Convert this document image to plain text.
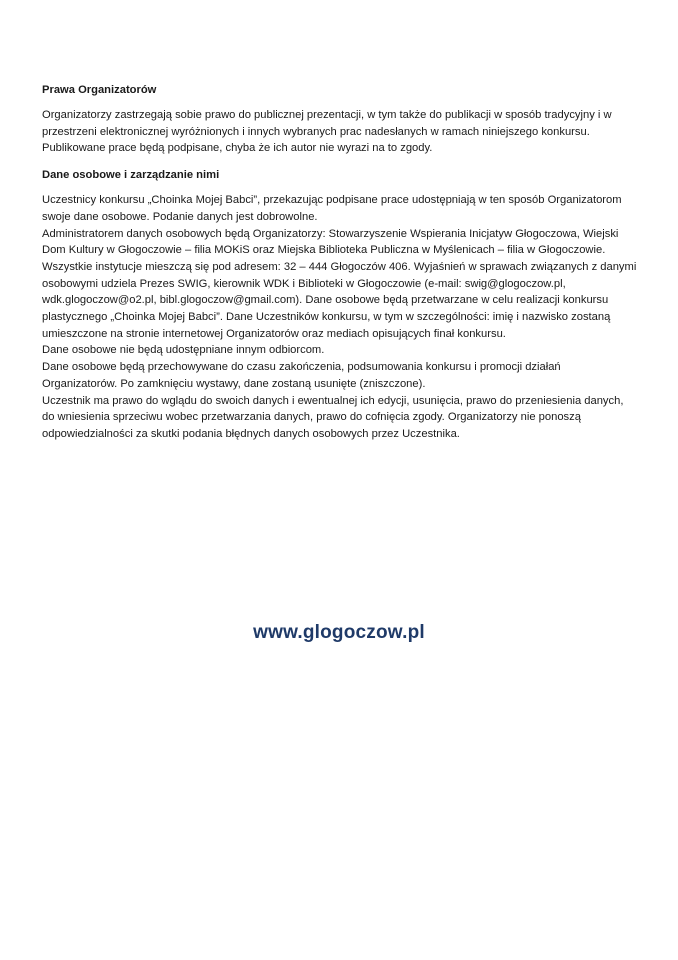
Prawa Organizatorów

Organizatorzy zastrzegają sobie prawo do publicznej prezentacji, w tym także do publikacji w sposób tradycyjny i w przestrzeni elektronicznej wyróżnionych i innych wybranych prac nadesłanych w ramach niniejszego konkursu. Publikowane prace będą podpisane, chyba że ich autor nie wyrazi na to zgody.

Dane osobowe i zarządzanie nimi

Uczestnicy konkursu „Choinka Mojej Babci”, przekazując podpisane prace udostępniają w ten sposób Organizatorom swoje dane osobowe. Podanie danych jest dobrowolne.

Administratorem danych osobowych będą Organizatorzy: Stowarzyszenie Wspierania Inicjatyw Głogoczowa, Wiejski Dom Kultury w Głogoczowie – filia MOKiS oraz Miejska Biblioteka Publiczna w Myślenicach – filia w Głogoczowie. Wszystkie instytucje mieszczą się pod adresem: 32 – 444 Głogoczów 406. Wyjaśnień w sprawach związanych z danymi osobowymi udziela Prezes SWIG, kierownik WDK i Biblioteki w Głogoczowie (e-mail: swig@glogoczow.pl, wdk.glogoczow@o2.pl, bibl.glogoczow@gmail.com). Dane osobowe będą przetwarzane w celu realizacji konkursu plastycznego „Choinka Mojej Babci”. Dane Uczestników konkursu, w tym w szczególności: imię i nazwisko zostaną umieszczone na stronie internetowej Organizatorów oraz mediach opisujących finał konkursu.

Dane osobowe nie będą udostępniane innym odbiorcom.

Dane osobowe będą przechowywane do czasu zakończenia, podsumowania konkursu i promocji działań Organizatorów. Po zamknięciu wystawy, dane zostaną usunięte (zniszczone).

Uczestnik ma prawo do wglądu do swoich danych i ewentualnej ich edycji, usunięcia, prawo do przeniesienia danych, do wniesienia sprzeciwu wobec przetwarzania danych, prawo do cofnięcia zgody. Organizatorzy nie ponoszą odpowiedzialności za skutki podania błędnych danych osobowych przez Uczestnika.

www.glogoczow.pl
